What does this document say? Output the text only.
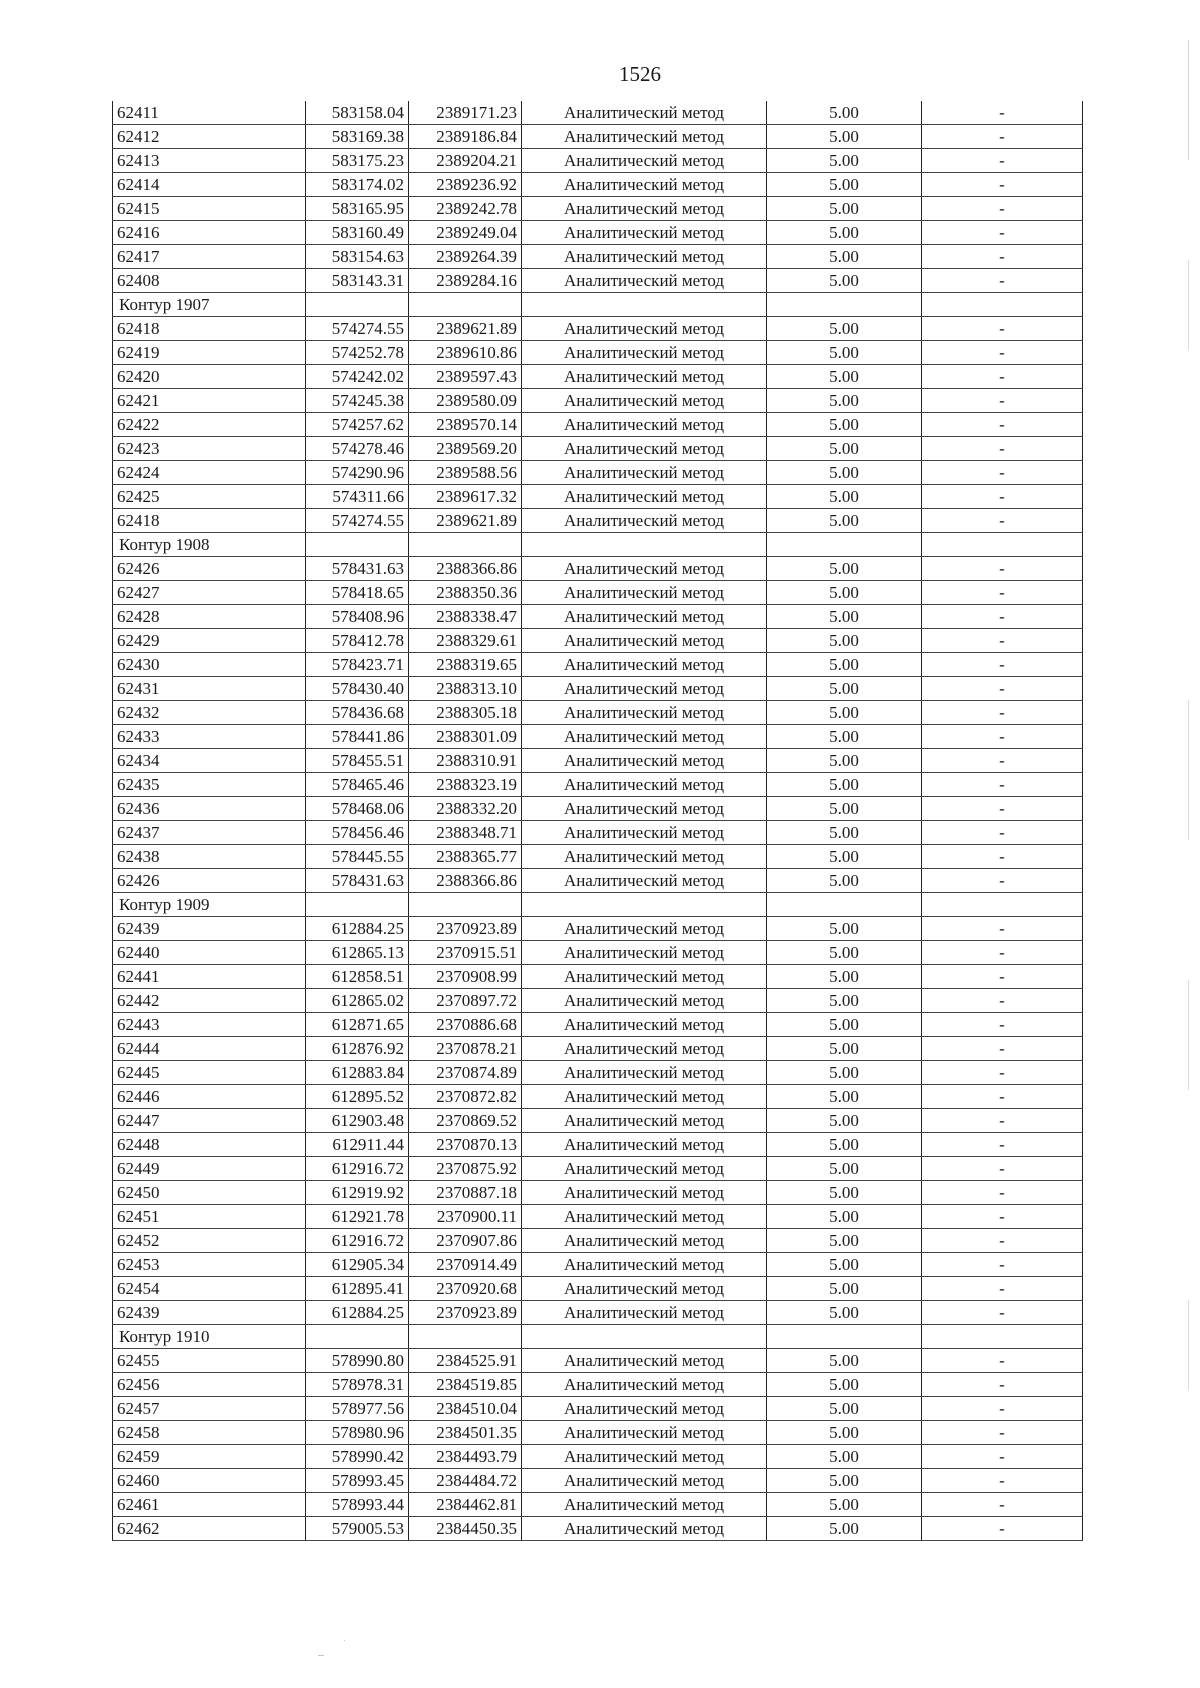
1526
62411	583158.04	2389171.23	Аналитический метод	5.00	-
62412	583169.38	2389186.84	Аналитический метод	5.00	-
62413	583175.23	2389204.21	Аналитический метод	5.00	-
62414	583174.02	2389236.92	Аналитический метод	5.00	-
62415	583165.95	2389242.78	Аналитический метод	5.00	-
62416	583160.49	2389249.04	Аналитический метод	5.00	-
62417	583154.63	2389264.39	Аналитический метод	5.00	-
62408	583143.31	2389284.16	Аналитический метод	5.00	-
Контур 1907					
62418	574274.55	2389621.89	Аналитический метод	5.00	-
62419	574252.78	2389610.86	Аналитический метод	5.00	-
62420	574242.02	2389597.43	Аналитический метод	5.00	-
62421	574245.38	2389580.09	Аналитический метод	5.00	-
62422	574257.62	2389570.14	Аналитический метод	5.00	-
62423	574278.46	2389569.20	Аналитический метод	5.00	-
62424	574290.96	2389588.56	Аналитический метод	5.00	-
62425	574311.66	2389617.32	Аналитический метод	5.00	-
62418	574274.55	2389621.89	Аналитический метод	5.00	-
Контур 1908					
62426	578431.63	2388366.86	Аналитический метод	5.00	-
62427	578418.65	2388350.36	Аналитический метод	5.00	-
62428	578408.96	2388338.47	Аналитический метод	5.00	-
62429	578412.78	2388329.61	Аналитический метод	5.00	-
62430	578423.71	2388319.65	Аналитический метод	5.00	-
62431	578430.40	2388313.10	Аналитический метод	5.00	-
62432	578436.68	2388305.18	Аналитический метод	5.00	-
62433	578441.86	2388301.09	Аналитический метод	5.00	-
62434	578455.51	2388310.91	Аналитический метод	5.00	-
62435	578465.46	2388323.19	Аналитический метод	5.00	-
62436	578468.06	2388332.20	Аналитический метод	5.00	-
62437	578456.46	2388348.71	Аналитический метод	5.00	-
62438	578445.55	2388365.77	Аналитический метод	5.00	-
62426	578431.63	2388366.86	Аналитический метод	5.00	-
Контур 1909					
62439	612884.25	2370923.89	Аналитический метод	5.00	-
62440	612865.13	2370915.51	Аналитический метод	5.00	-
62441	612858.51	2370908.99	Аналитический метод	5.00	-
62442	612865.02	2370897.72	Аналитический метод	5.00	-
62443	612871.65	2370886.68	Аналитический метод	5.00	-
62444	612876.92	2370878.21	Аналитический метод	5.00	-
62445	612883.84	2370874.89	Аналитический метод	5.00	-
62446	612895.52	2370872.82	Аналитический метод	5.00	-
62447	612903.48	2370869.52	Аналитический метод	5.00	-
62448	612911.44	2370870.13	Аналитический метод	5.00	-
62449	612916.72	2370875.92	Аналитический метод	5.00	-
62450	612919.92	2370887.18	Аналитический метод	5.00	-
62451	612921.78	2370900.11	Аналитический метод	5.00	-
62452	612916.72	2370907.86	Аналитический метод	5.00	-
62453	612905.34	2370914.49	Аналитический метод	5.00	-
62454	612895.41	2370920.68	Аналитический метод	5.00	-
62439	612884.25	2370923.89	Аналитический метод	5.00	-
Контур 1910					
62455	578990.80	2384525.91	Аналитический метод	5.00	-
62456	578978.31	2384519.85	Аналитический метод	5.00	-
62457	578977.56	2384510.04	Аналитический метод	5.00	-
62458	578980.96	2384501.35	Аналитический метод	5.00	-
62459	578990.42	2384493.79	Аналитический метод	5.00	-
62460	578993.45	2384484.72	Аналитический метод	5.00	-
62461	578993.44	2384462.81	Аналитический метод	5.00	-
62462	579005.53	2384450.35	Аналитический метод	5.00	-
